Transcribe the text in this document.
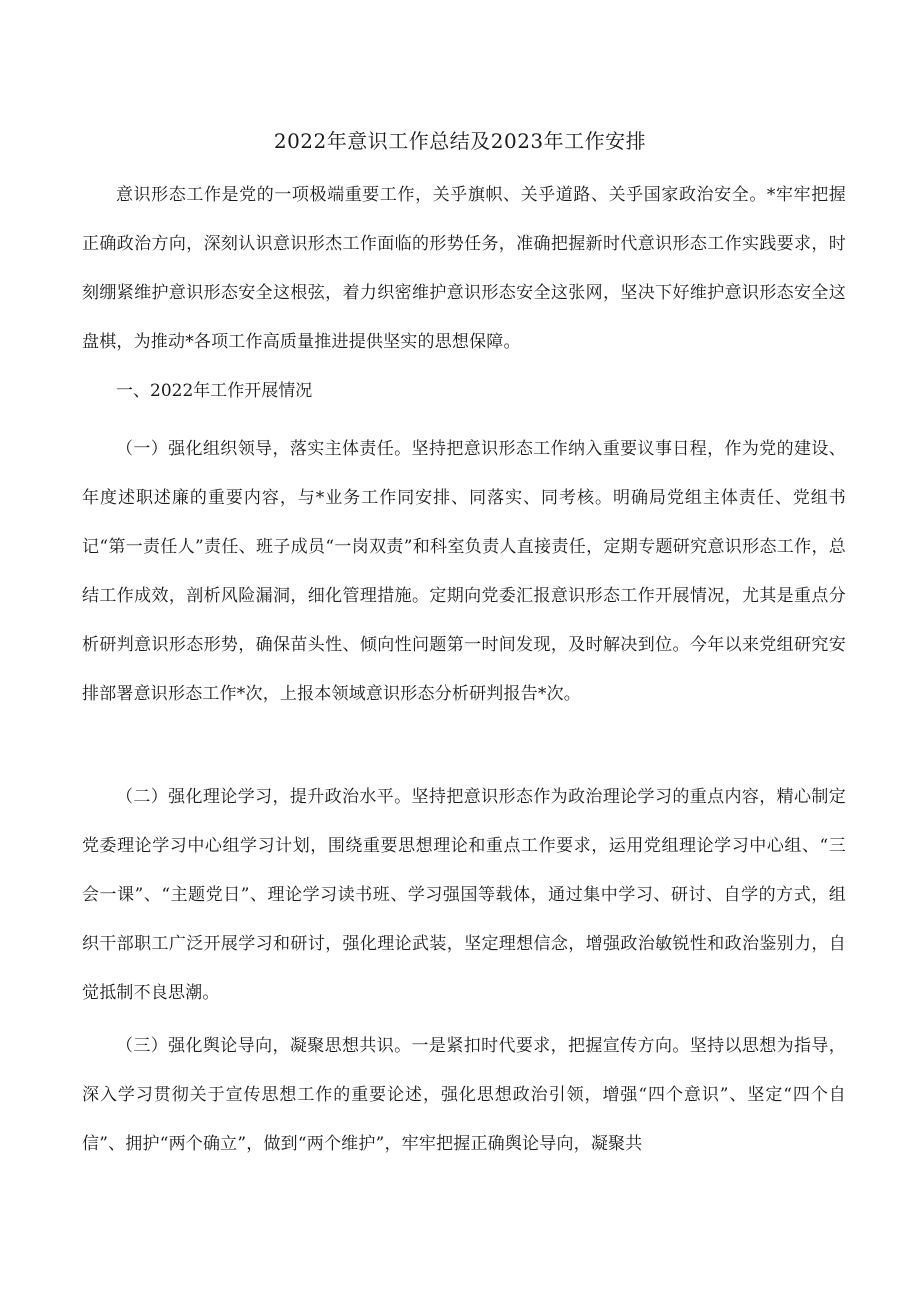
2022年意识工作总结及2023年工作安排

意识形态工作是党的一项极端重要工作，关乎旗帜、关乎道路、关乎国家政治安全。*牢牢把握正确政治方向，深刻认识意识形杰工作面临的形势任务，准确把握新时代意识形态工作实践要求，时刻绷紧维护意识形态安全这根弦，着力织密维护意识形态安全这张网，坚决下好维护意识形态安全这盘棋，为推动*各项工作高质量推进提供坚实的思想保障。

一、2022年工作开展情况

（一）强化组织领导，落实主体责任。坚持把意识形态工作纳入重要议事日程，作为党的建设、年度述职述廉的重要内容，与*业务工作同安排、同落实、同考核。明确局党组主体责任、党组书记“第一责任人”责任、班子成员“一岗双责”和科室负责人直接责任，定期专题研究意识形态工作，总结工作成效，剖析风险漏洞，细化管理措施。定期向党委汇报意识形态工作开展情况，尤其是重点分析研判意识形态形势，确保苗头性、倾向性问题第一时间发现，及时解决到位。今年以来党组研究安排部署意识形态工作*次，上报本领域意识形态分析研判报告*次。

（二）强化理论学习，提升政治水平。坚持把意识形态作为政治理论学习的重点内容，精心制定党委理论学习中心组学习计划，围绕重要思想理论和重点工作要求，运用党组理论学习中心组、“三会一课”、“主题党日”、理论学习读书班、学习强国等载体，通过集中学习、研讨、自学的方式，组织干部职工广泛开展学习和研讨，强化理论武装，坚定理想信念，增强政治敏锐性和政治鉴别力，自觉抵制不良思潮。

（三）强化舆论导向，凝聚思想共识。一是紧扣时代要求，把握宣传方向。坚持以思想为指导，深入学习贯彻关于宣传思想工作的重要论述，强化思想政治引领，增强“四个意识”、坚定“四个自信”、拥护“两个确立”，做到“两个维护”，牢牢把握正确舆论导向，凝聚共
